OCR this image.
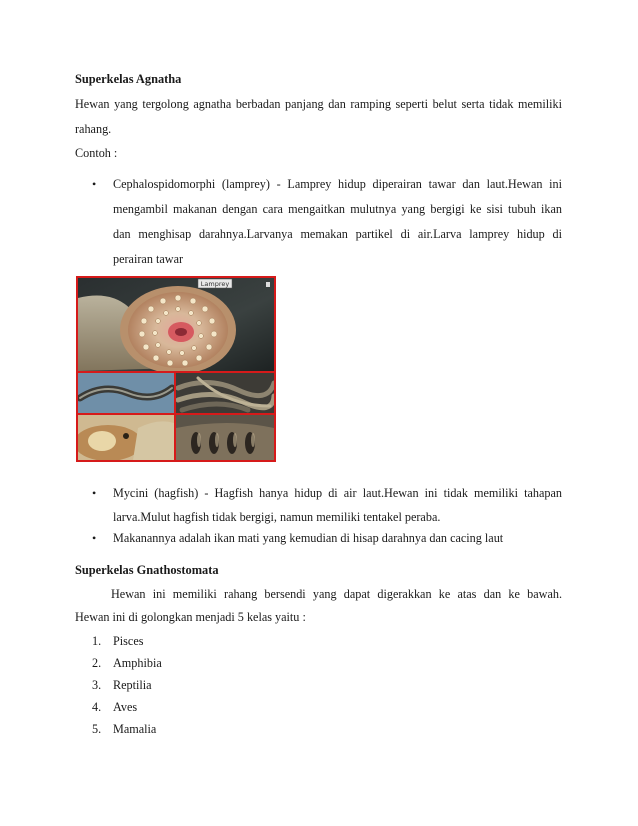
Superkelas Agnatha
Hewan yang tergolong agnatha berbadan panjang dan ramping seperti belut serta tidak memiliki
rahang.
Contoh :
•	Cephalospidomorphi (lamprey) - Lamprey hidup diperairan tawar dan laut.Hewan ini
mengambil makanan dengan cara mengaitkan mulutnya yang bergigi ke sisi tubuh ikan
dan menghisap darahnya.Larvanya memakan partikel di air.Larva lamprey hidup di
perairan tawar
Lamprey
•	Mycini (hagfish) - Hagfish hanya hidup di air laut.Hewan ini tidak memiliki tahapan
larva.Mulut hagfish tidak bergigi, namun memiliki tentakel peraba.
•	Makanannya adalah ikan mati yang kemudian di hisap darahnya dan cacing laut
Superkelas Gnathostomata
Hewan ini memiliki rahang bersendi yang dapat digerakkan ke atas dan ke bawah.
Hewan ini di golongkan menjadi 5 kelas yaitu :
1. Pisces
2. Amphibia
3. Reptilia
4. Aves
5. Mamalia
